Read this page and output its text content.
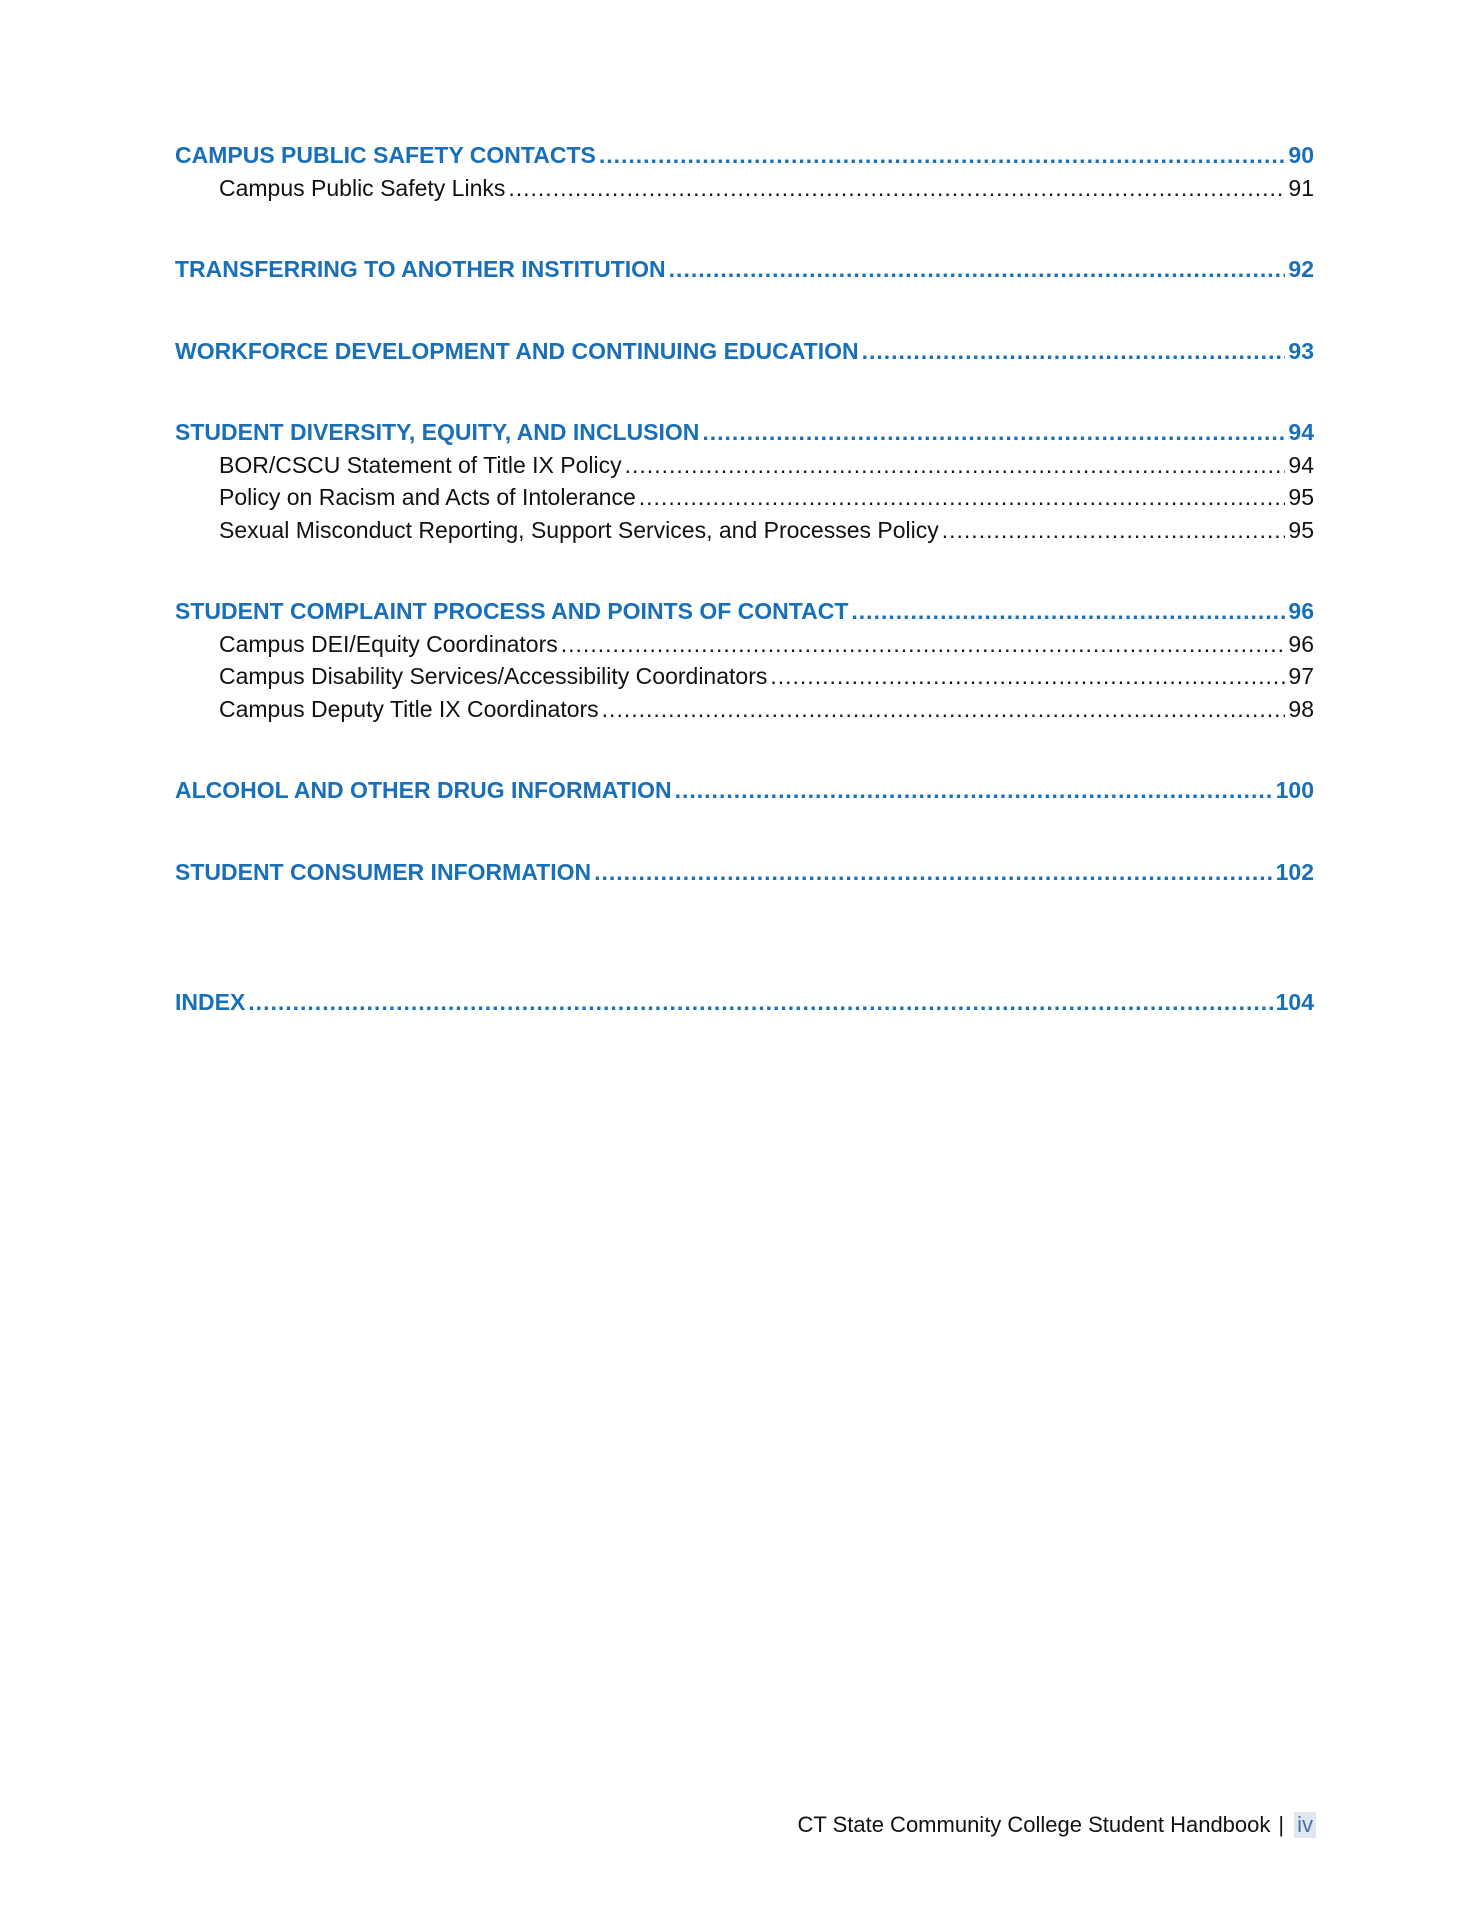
CAMPUS PUBLIC SAFETY CONTACTS .....	90
Campus Public Safety Links .....	91
TRANSFERRING TO ANOTHER INSTITUTION .....	92
WORKFORCE DEVELOPMENT AND CONTINUING EDUCATION .....	93
STUDENT DIVERSITY, EQUITY, AND INCLUSION .....	94
BOR/CSCU Statement of Title IX Policy .....	94
Policy on Racism and Acts of Intolerance .....	95
Sexual Misconduct Reporting, Support Services, and Processes Policy .....	95
STUDENT COMPLAINT PROCESS AND POINTS OF CONTACT .....	96
Campus DEI/Equity Coordinators .....	96
Campus Disability Services/Accessibility Coordinators .....	97
Campus Deputy Title IX Coordinators .....	98
ALCOHOL AND OTHER DRUG INFORMATION .....	100
STUDENT CONSUMER INFORMATION .....	102
INDEX .....	104
CT State Community College Student Handbook | iv
